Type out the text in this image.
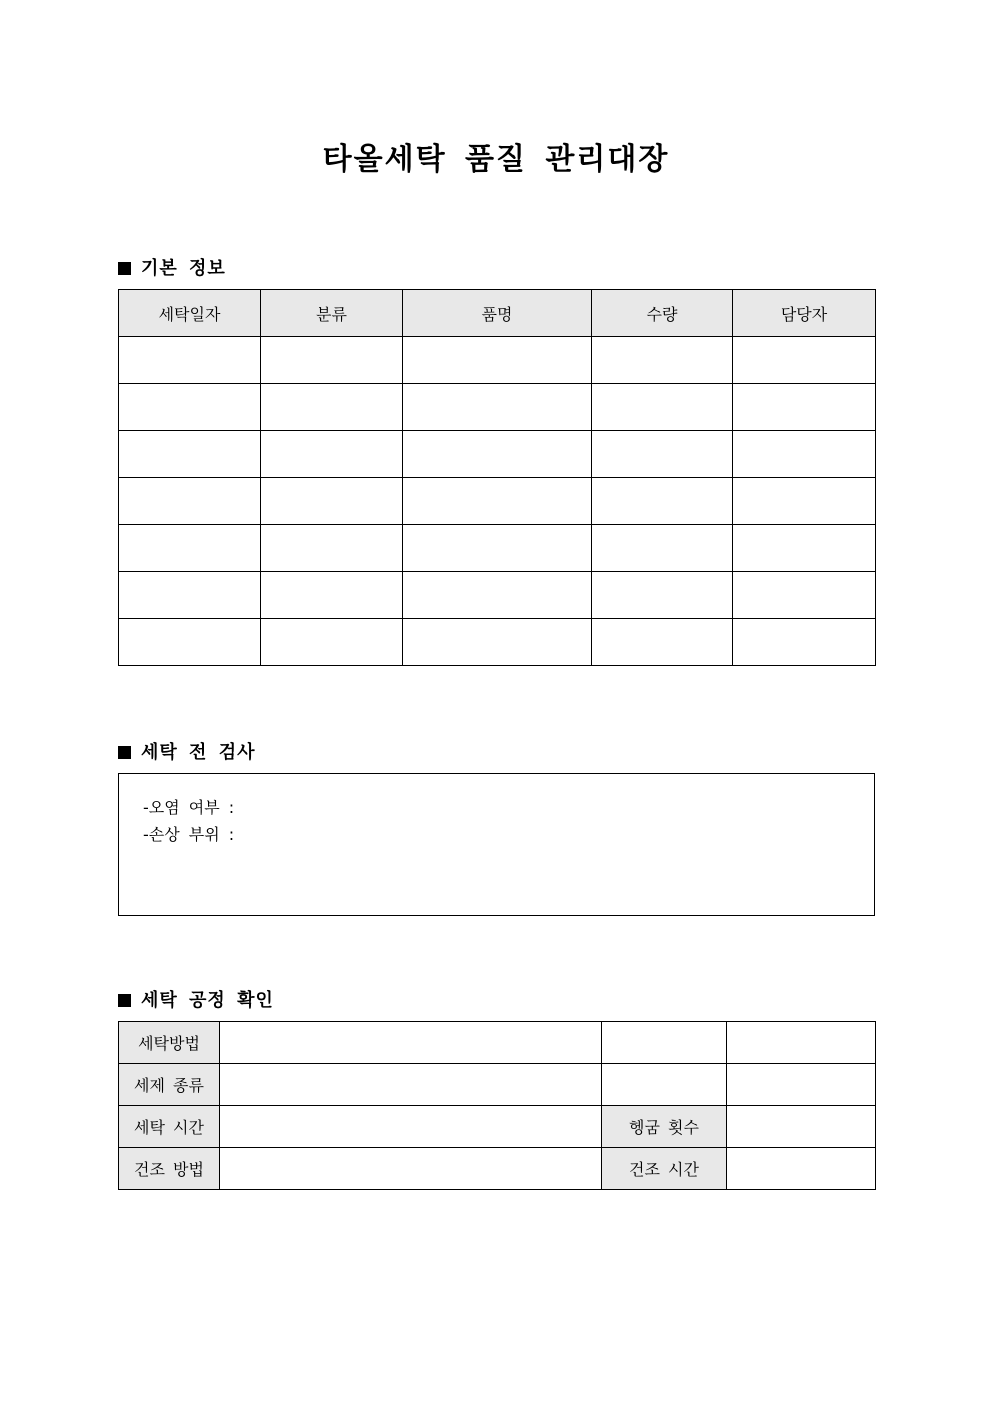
타올세탁 품질 관리대장
기본 정보
세탁일자	분류	품명	수량	담당자

세탁 전 검사
-오염 여부 :
-손상 부위 :
세탁 공정 확인
세탁방법			
세제 종류			
세탁 시간		헹굼 횟수	
건조 방법		건조 시간	
